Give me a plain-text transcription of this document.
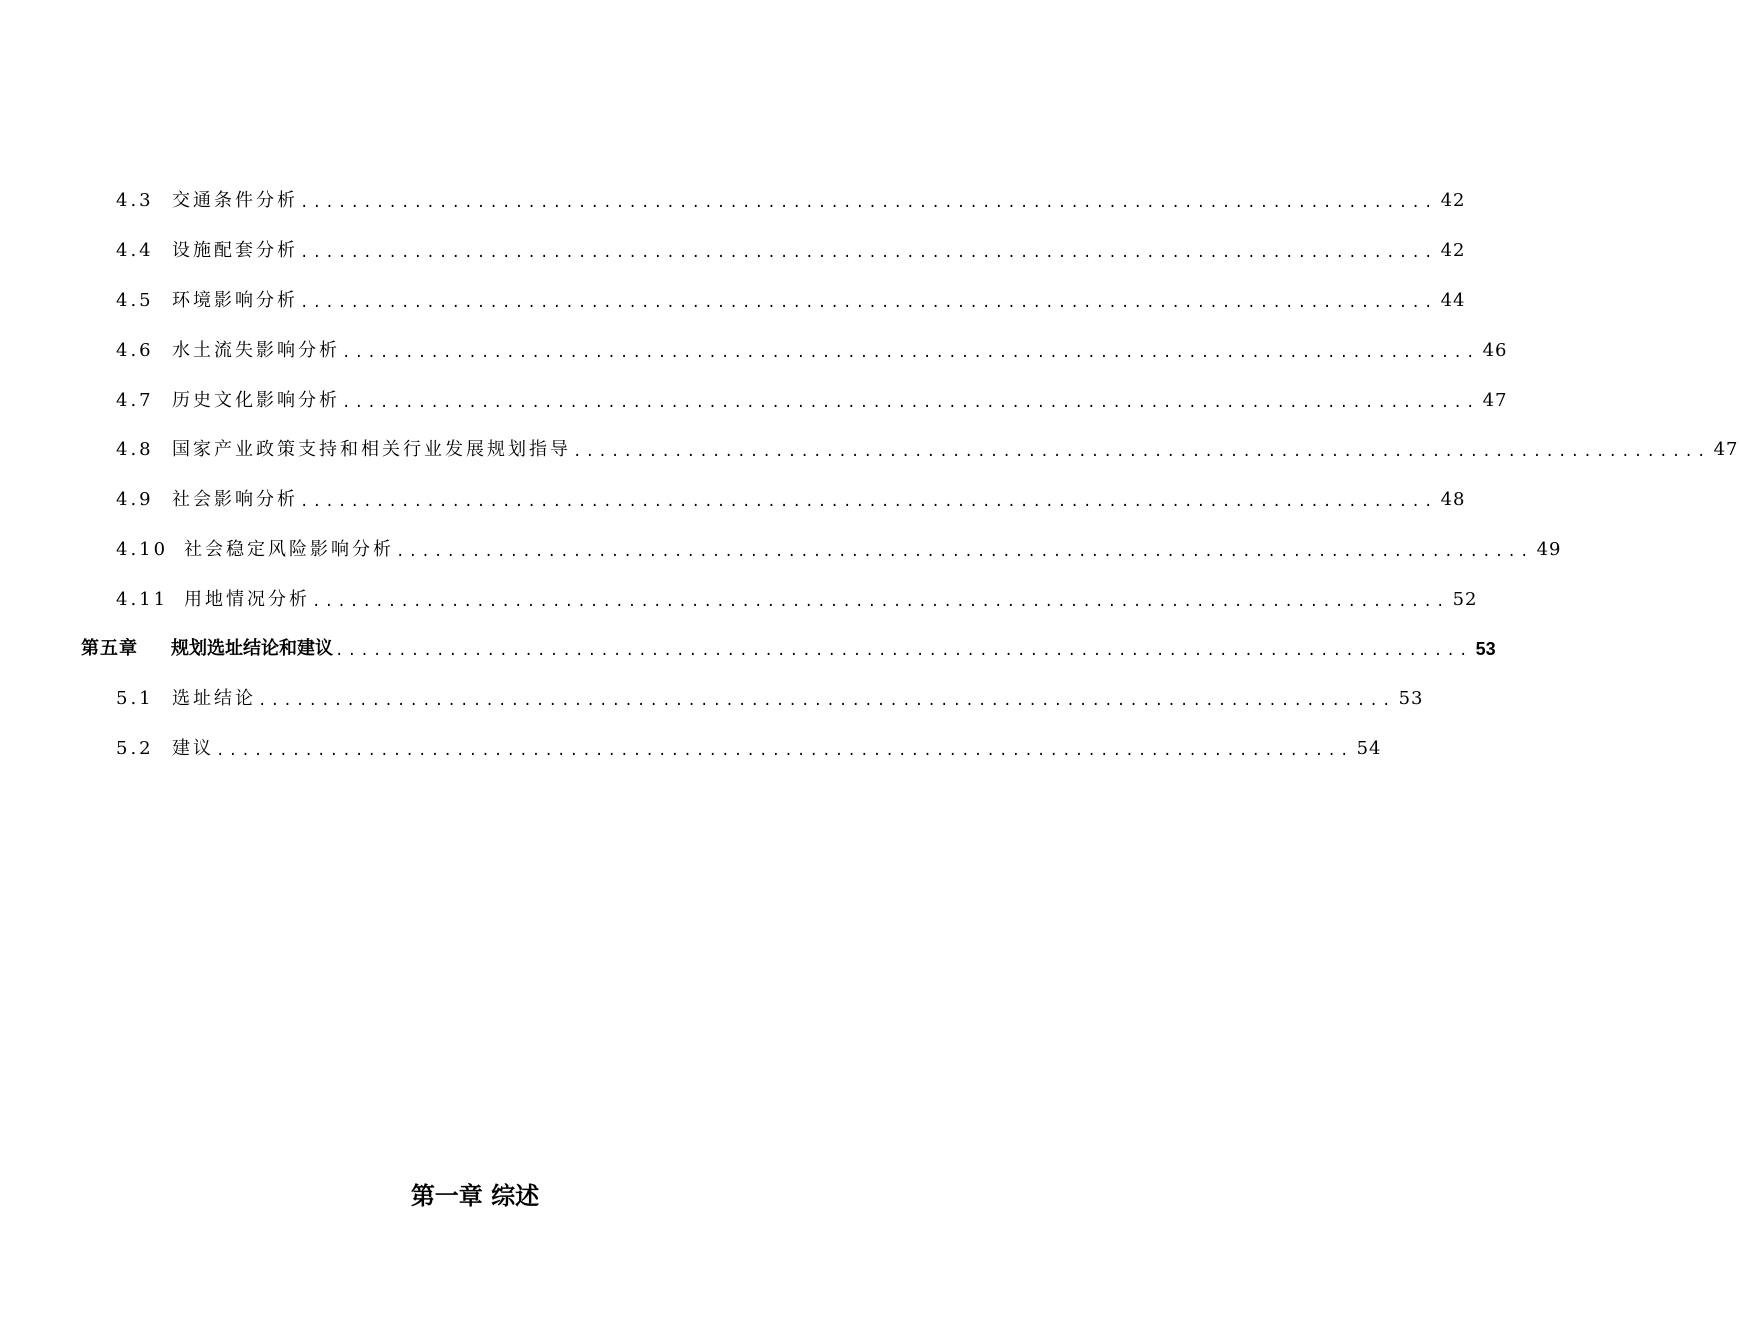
4.3	交通条件分析 .......................................................................................... 42
4.4	设施配套分析 .......................................................................................... 42
4.5	环境影响分析 .......................................................................................... 44
4.6	水土流失影响分析 .......................................................................................... 46
4.7	历史文化影响分析 .......................................................................................... 47
4.8	国家产业政策支持和相关行业发展规划指导 .......................................................................................... 47
4.9	社会影响分析 .......................................................................................... 48
4.10 社会稳定风险影响分析 .......................................................................................... 49
4.11 用地情况分析 .......................................................................................... 52
第五章	规划选址结论和建议 .......................................................................................... 53
5.1	选址结论 .......................................................................................... 53
5.2	建议 .......................................................................................... 54
第一章 综述
